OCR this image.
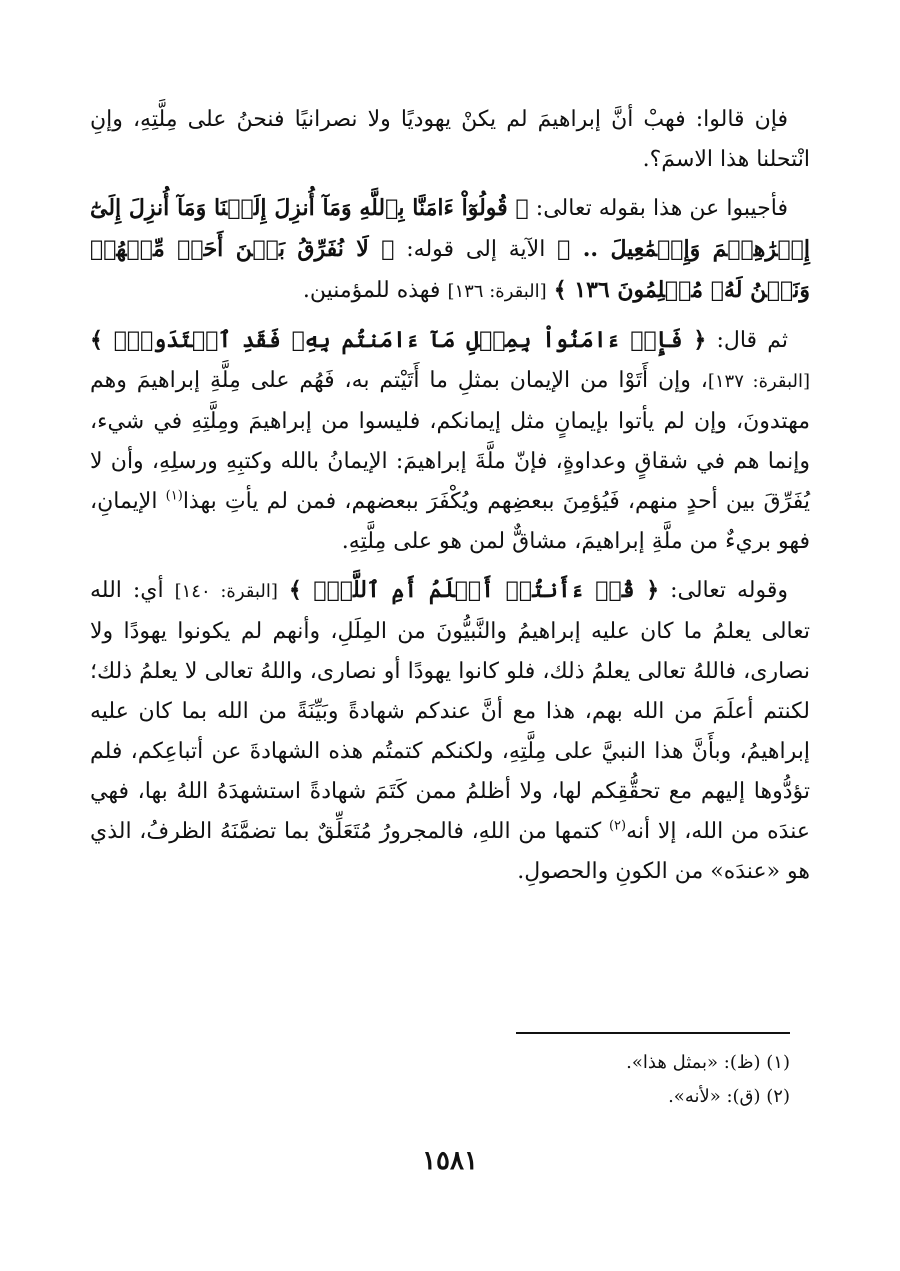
فإن قالوا: فهبْ أنَّ إبراهيمَ لم يكنْ يهوديًا ولا نصرانيًا فنحنُ على مِلَّتِهِ، وإنِ انْتحلنا هذا الاسمَ؟.

فأجيبوا عن هذا بقوله تعالى: ﴿ قُولُوٓاْ ءَامَنَّا بِٱللَّهِ وَمَآ أُنزِلَ إِلَيۡنَا وَمَآ أُنزِلَ إِلَىٰٓ إِبۡرَٰهِـۧمَ وَإِسۡمَٰعِيلَ .. ﴾ الآية إلى قوله: ﴿ لَا نُفَرِّقُ بَيۡنَ أَحَدٖ مِّنۡهُمۡ وَنَحۡنُ لَهُۥ مُسۡلِمُونَ ١٣٦ ﴾ [البقرة: ١٣٦] فهذه للمؤمنين.

ثم قال: ﴿ فَإِنۡ ءَامَنُواْ بِمِثۡلِ مَآ ءَامَنتُم بِهِۦ فَقَدِ ٱهۡتَدَواْۖ ﴾ [البقرة: ١٣٧]، وإن أَتَوْا من الإيمان بمثلِ ما أَتَيْتم به، فَهُم على مِلَّةِ إبراهيمَ وهم مهتدونَ، وإن لم يأتوا بإيمانٍ مثل إيمانكم، فليسوا من إبراهيمَ ومِلَّتِهِ في شيء، وإنما هم في شقاقٍ وعداوةٍ، فإنّ ملَّةَ إبراهيمَ: الإيمانُ بالله وكتبِهِ ورسلِهِ، وأن لا يُفَرِّقَ بين أحدٍ منهم، فَيُؤمِنَ ببعضِهم ويُكْفَرَ ببعضهم، فمن لم يأتِ بهذا$^{(١)}$ الإيمانِ، فهو بريءٌ من ملَّةِ إبراهيمَ، مشاقٌّ لمن هو على مِلَّتِهِ.

وقوله تعالى: ﴿ قُلۡ ءَأَنتُمۡ أَعۡلَمُ أَمِ ٱللَّهُۗ ﴾ [البقرة: ١٤٠] أي: الله تعالى يعلمُ ما كان عليه إبراهيمُ والنَّبيُّونَ من المِلَلِ، وأنهم لم يكونوا يهودًا ولا نصارى، فاللهُ تعالى يعلمُ ذلك، فلو كانوا يهودًا أو نصارى، واللهُ تعالى لا يعلمُ ذلك؛ لكنتم أعلَمَ من الله بهم، هذا مع أنَّ عندكم شهادةً وبَيِّنَةً من الله بما كان عليه إبراهيمُ، وبأَنَّ هذا النبيَّ على مِلَّتِهِ، ولكنكم كتمتُم هذه الشهادةَ عن أتباعِكم، فلم تؤدُّوها إليهم مع تحقُّقِكم لها، ولا أظلمُ ممن كَتَمَ شهادةً استشهدَهُ اللهُ بها، فهي عندَه من الله، إلا أنه$^{(٢)}$ كتمها من اللهِ، فالمجرورُ مُتَعَلِّقٌ بما تضمَّنَهُ الظرفُ، الذي هو «عندَه» من الكونِ والحصولِ.

(١) (ظ): «بمثل هذا».

(٢) (ق): «لأنه».

١٥٨١
